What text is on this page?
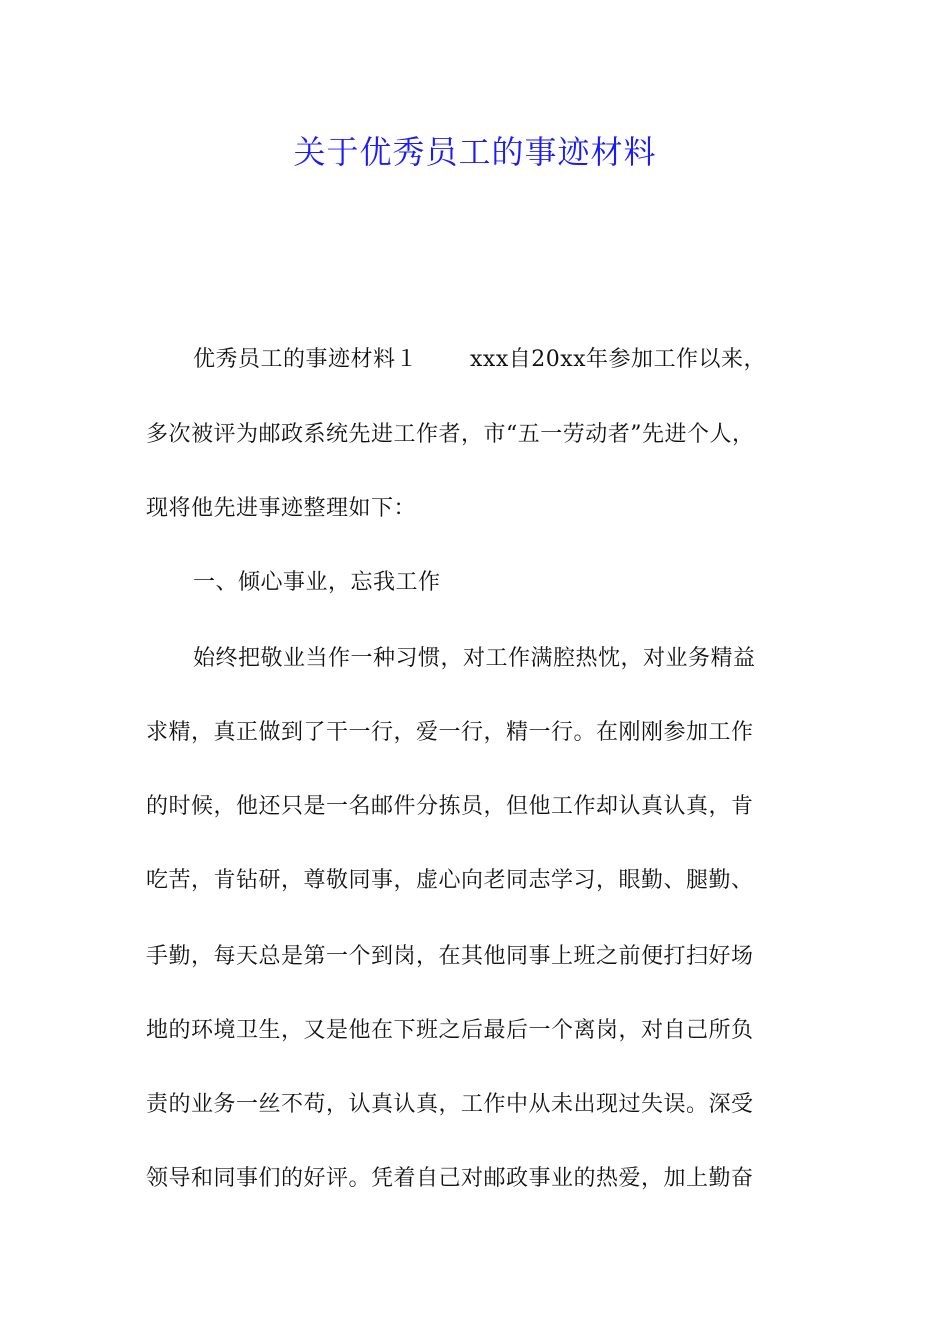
关于优秀员工的事迹材料
优秀员工的事迹材料１ xxx自20xx年参加工作以来，
多次被评为邮政系统先进工作者，市“五一劳动者”先进个人，
现将他先进事迹整理如下：
一、倾心事业，忘我工作
始终把敬业当作一种习惯，对工作满腔热忱，对业务精益
求精，真正做到了干一行，爱一行，精一行。在刚刚参加工作
的时候，他还只是一名邮件分拣员，但他工作却认真认真，肯
吃苦，肯钻研，尊敬同事，虚心向老同志学习，眼勤、腿勤、
手勤，每天总是第一个到岗，在其他同事上班之前便打扫好场
地的环境卫生，又是他在下班之后最后一个离岗，对自己所负
责的业务一丝不苟，认真认真，工作中从未出现过失误。深受
领导和同事们的好评。凭着自己对邮政事业的热爱，加上勤奋
